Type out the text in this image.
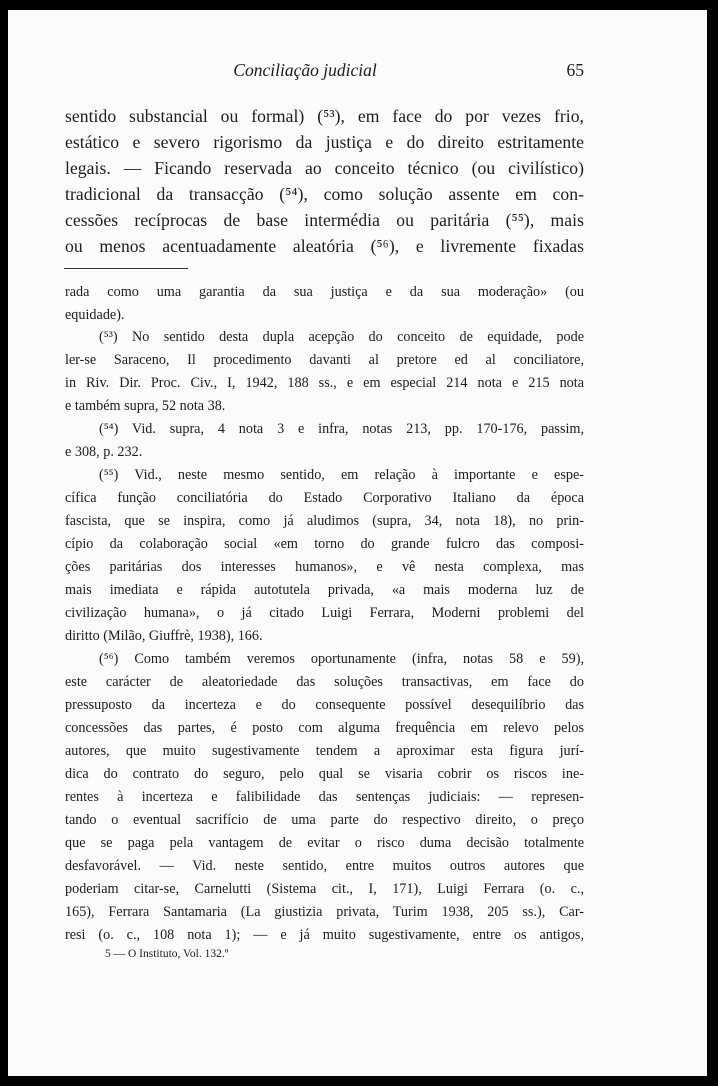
Conciliação judicial	65
sentido substancial ou formal) (⁵³), em face do por vezes frio,
estático e severo rigorismo da justiça e do direito estritamente
legais. — Ficando reservada ao conceito técnico (ou civilístico)
tradicional da transacção (⁵⁴), como solução assente em con-
cessões recíprocas de base intermédia ou paritária (⁵⁵), mais
ou menos acentuadamente aleatória (⁵⁶), e livremente fixadas
rada como uma garantia da sua justiça e da sua moderação» (ou
equidade).
(⁵³) No sentido desta dupla acepção do conceito de equidade, pode
ler-se Saraceno, Il procedimento davanti al pretore ed al conciliatore,
in Riv. Dir. Proc. Civ., I, 1942, 188 ss., e em especial 214 nota e 215 nota
e também supra, 52 nota 38.
(⁵⁴) Vid. supra, 4 nota 3 e infra, notas 213, pp. 170-176, passim,
e 308, p. 232.
(⁵⁵) Vid., neste mesmo sentido, em relação à importante e espe-
cífica função conciliatória do Estado Corporativo Italiano da época
fascista, que se inspira, como já aludimos (supra, 34, nota 18), no prin-
cípio da colaboração social «em torno do grande fulcro das composi-
ções paritárias dos interesses humanos», e vê nesta complexa, mas
mais imediata e rápida autotutela privada, «a mais moderna luz de
civilização humana», o já citado Luigi Ferrara, Moderni problemi del
diritto (Milão, Giuffrè, 1938), 166.
(⁵⁶) Como também veremos oportunamente (infra, notas 58 e 59),
este carácter de aleatoriedade das soluções transactivas, em face do
pressuposto da incerteza e do consequente possível desequilíbrio das
concessões das partes, é posto com alguma frequência em relevo pelos
autores, que muito sugestivamente tendem a aproximar esta figura jurí-
dica do contrato do seguro, pelo qual se visaria cobrir os riscos ine-
rentes à incerteza e falibilidade das sentenças judiciais: — represen-
tando o eventual sacrifício de uma parte do respectivo direito, o preço
que se paga pela vantagem de evitar o risco duma decisão totalmente
desfavorável. — Vid. neste sentido, entre muitos outros autores que
poderiam citar-se, Carnelutti (Sistema cit., I, 171), Luigi Ferrara (o. c.,
165), Ferrara Santamaria (La giustizia privata, Turim 1938, 205 ss.), Car-
resi (o. c., 108 nota 1); — e já muito sugestivamente, entre os antigos,
5 — O Instituto, Vol. 132.º
